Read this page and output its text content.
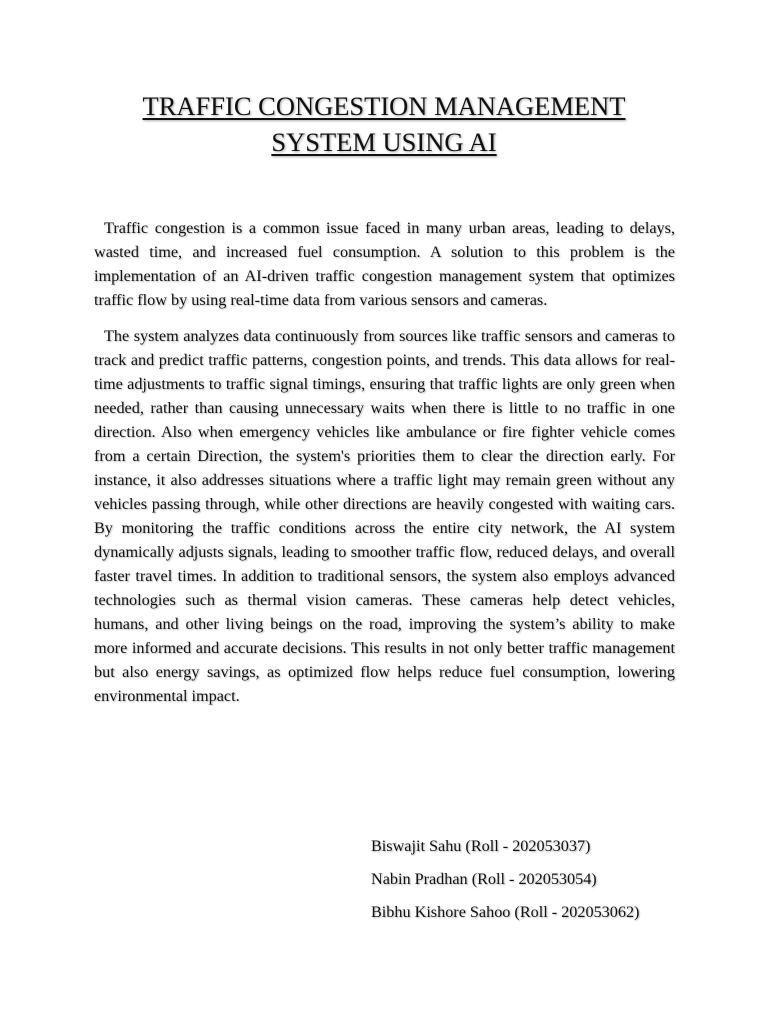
TRAFFIC CONGESTION MANAGEMENT
SYSTEM USING AI

Traffic congestion is a common issue faced in many urban areas, leading to delays, wasted time, and increased fuel consumption. A solution to this problem is the implementation of an AI-driven traffic congestion management system that optimizes traffic flow by using real-time data from various sensors and cameras.

The system analyzes data continuously from sources like traffic sensors and cameras to track and predict traffic patterns, congestion points, and trends. This data allows for real-time adjustments to traffic signal timings, ensuring that traffic lights are only green when needed, rather than causing unnecessary waits when there is little to no traffic in one direction. Also when emergency vehicles like ambulance or fire fighter vehicle comes from a certain Direction, the system's priorities them to clear the direction early. For instance, it also addresses situations where a traffic light may remain green without any vehicles passing through, while other directions are heavily congested with waiting cars. By monitoring the traffic conditions across the entire city network, the AI system dynamically adjusts signals, leading to smoother traffic flow, reduced delays, and overall faster travel times. In addition to traditional sensors, the system also employs advanced technologies such as thermal vision cameras. These cameras help detect vehicles, humans, and other living beings on the road, improving the system’s ability to make more informed and accurate decisions. This results in not only better traffic management but also energy savings, as optimized flow helps reduce fuel consumption, lowering environmental impact.

Biswajit Sahu (Roll - 202053037)
Nabin Pradhan (Roll - 202053054)
Bibhu Kishore Sahoo (Roll - 202053062)
